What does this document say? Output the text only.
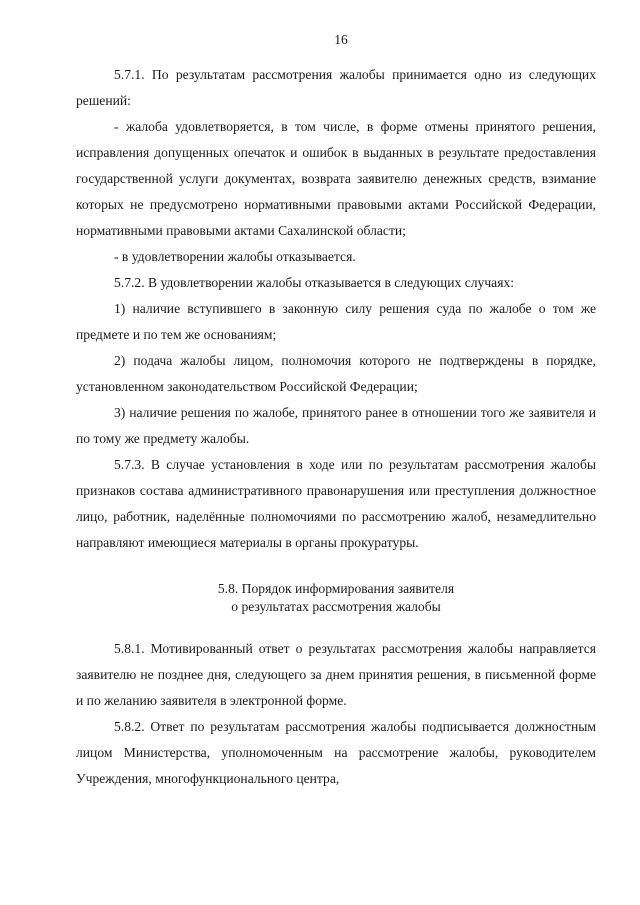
16

5.7.1. По результатам рассмотрения жалобы принимается одно из следующих решений:

- жалоба удовлетворяется, в том числе, в форме отмены принятого решения, исправления допущенных опечаток и ошибок в выданных в результате предоставления государственной услуги документах, возврата заявителю денежных средств, взимание которых не предусмотрено нормативными правовыми актами Российской Федерации, нормативными правовыми актами Сахалинской области;

- в удовлетворении жалобы отказывается.

5.7.2. В удовлетворении жалобы отказывается в следующих случаях:

1) наличие вступившего в законную силу решения суда по жалобе о том же предмете и по тем же основаниям;

2) подача жалобы лицом, полномочия которого не подтверждены в порядке, установленном законодательством Российской Федерации;

3) наличие решения по жалобе, принятого ранее в отношении того же заявителя и по тому же предмету жалобы.

5.7.3. В случае установления в ходе или по результатам рассмотрения жалобы признаков состава административного правонарушения или преступления должностное лицо, работник, наделённые полномочиями по рассмотрению жалоб, незамедлительно направляют имеющиеся материалы в органы прокуратуры.

5.8. Порядок информирования заявителя
о результатах рассмотрения жалобы

5.8.1. Мотивированный ответ о результатах рассмотрения жалобы направляется заявителю не позднее дня, следующего за днем принятия решения, в письменной форме и по желанию заявителя в электронной форме.

5.8.2. Ответ по результатам рассмотрения жалобы подписывается должностным лицом Министерства, уполномоченным на рассмотрение жалобы, руководителем Учреждения, многофункционального центра,
